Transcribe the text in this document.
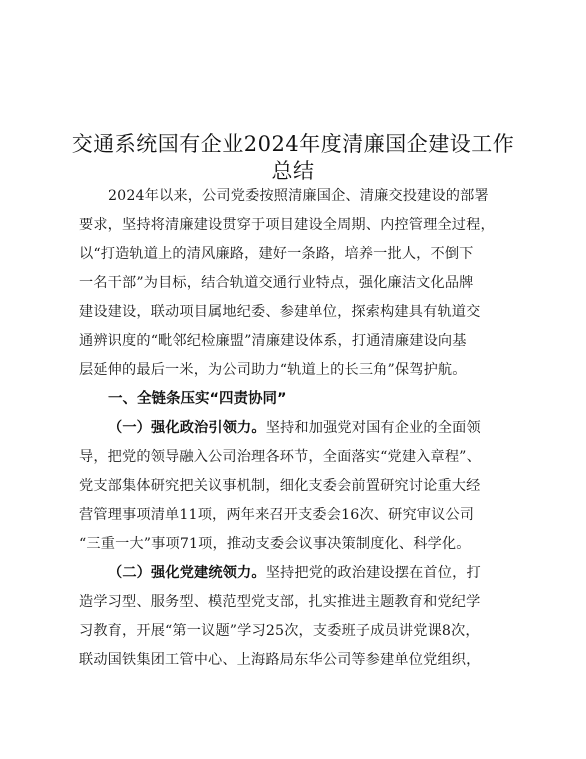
交通系统国有企业2024年度清廉国企建设工作
总结
2024年以来，公司党委按照清廉国企、清廉交投建设的部署
要求，坚持将清廉建设贯穿于项目建设全周期、内控管理全过程，
以“打造轨道上的清风廉路，建好一条路，培养一批人，不倒下
一名干部”为目标，结合轨道交通行业特点，强化廉洁文化品牌
建设建设，联动项目属地纪委、参建单位，探索构建具有轨道交
通辨识度的“毗邻纪检廉盟”清廉建设体系，打通清廉建设向基
层延伸的最后一米，为公司助力“轨道上的长三角”保驾护航。
一、全链条压实“四责协同”
（一）强化政治引领力。坚持和加强党对国有企业的全面领
导，把党的领导融入公司治理各环节，全面落实“党建入章程”、
党支部集体研究把关议事机制，细化支委会前置研究讨论重大经
营管理事项清单11项，两年来召开支委会16次、研究审议公司
“三重一大”事项71项，推动支委会议事决策制度化、科学化。
（二）强化党建统领力。坚持把党的政治建设摆在首位，打
造学习型、服务型、模范型党支部，扎实推进主题教育和党纪学
习教育，开展“第一议题”学习25次，支委班子成员讲党课8次，
联动国铁集团工管中心、上海路局东华公司等参建单位党组织，
